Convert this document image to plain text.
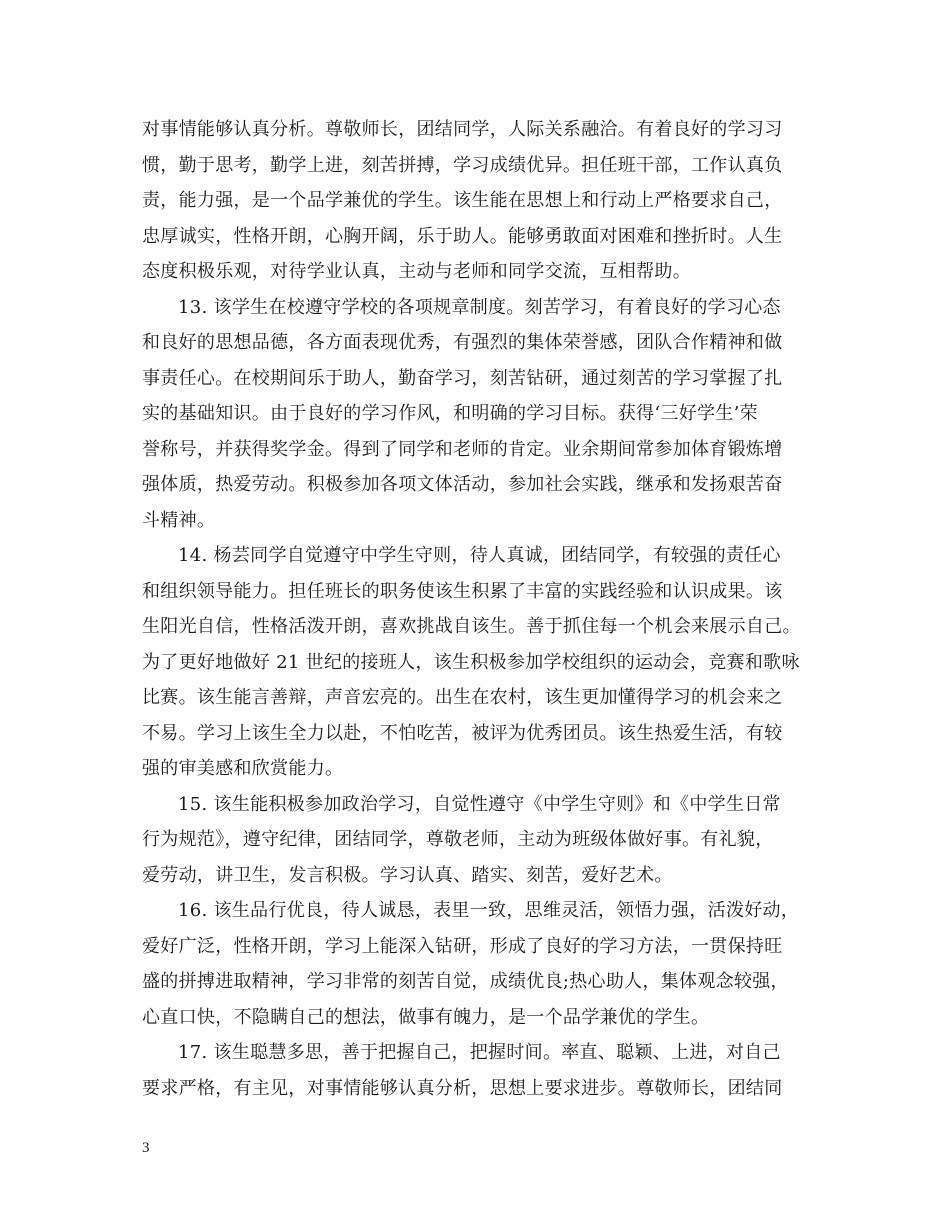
对事情能够认真分析。尊敬师长，团结同学，人际关系融洽。有着良好的学习习
惯，勤于思考，勤学上进，刻苦拼搏，学习成绩优异。担任班干部，工作认真负
责，能力强，是一个品学兼优的学生。该生能在思想上和行动上严格要求自己，
忠厚诚实，性格开朗，心胸开阔，乐于助人。能够勇敢面对困难和挫折时。人生
态度积极乐观，对待学业认真，主动与老师和同学交流，互相帮助。
13. 该学生在校遵守学校的各项规章制度。刻苦学习，有着良好的学习心态
和良好的思想品德，各方面表现优秀，有强烈的集体荣誉感，团队合作精神和做
事责任心。在校期间乐于助人，勤奋学习，刻苦钻研，通过刻苦的学习掌握了扎
实的基础知识。由于良好的学习作风，和明确的学习目标。获得‘三好学生’荣
誉称号，并获得奖学金。得到了同学和老师的肯定。业余期间常参加体育锻炼增
强体质，热爱劳动。积极参加各项文体活动，参加社会实践，继承和发扬艰苦奋
斗精神。
14. 杨芸同学自觉遵守中学生守则，待人真诚，团结同学，有较强的责任心
和组织领导能力。担任班长的职务使该生积累了丰富的实践经验和认识成果。该
生阳光自信，性格活泼开朗，喜欢挑战自该生。善于抓住每一个机会来展示自己。
为了更好地做好 21 世纪的接班人，该生积极参加学校组织的运动会，竞赛和歌咏
比赛。该生能言善辩，声音宏亮的。出生在农村，该生更加懂得学习的机会来之
不易。学习上该生全力以赴，不怕吃苦，被评为优秀团员。该生热爱生活，有较
强的审美感和欣赏能力。
15. 该生能积极参加政治学习，自觉性遵守《中学生守则》和《中学生日常
行为规范》，遵守纪律，团结同学，尊敬老师，主动为班级体做好事。有礼貌，
爱劳动，讲卫生，发言积极。学习认真、踏实、刻苦，爱好艺术。
16. 该生品行优良，待人诚恳，表里一致，思维灵活，领悟力强，活泼好动，
爱好广泛，性格开朗，学习上能深入钻研，形成了良好的学习方法，一贯保持旺
盛的拼搏进取精神，学习非常的刻苦自觉，成绩优良;热心助人，集体观念较强，
心直口快，不隐瞒自己的想法，做事有魄力，是一个品学兼优的学生。
17. 该生聪慧多思，善于把握自己，把握时间。率直、聪颖、上进，对自己
要求严格，有主见，对事情能够认真分析，思想上要求进步。尊敬师长，团结同
3
